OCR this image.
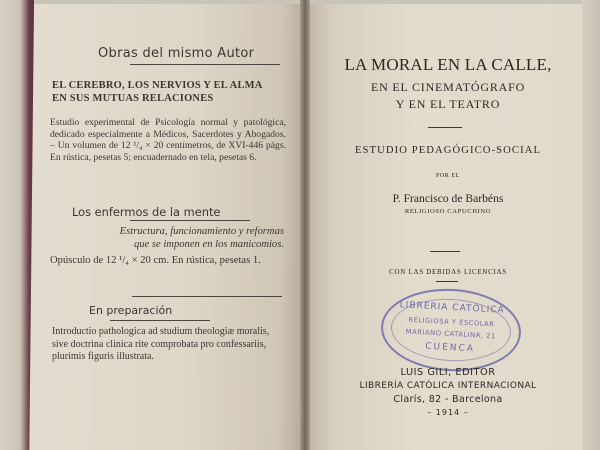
Obras del mismo Autor
EL CEREBRO, LOS NERVIOS Y EL ALMA
EN SUS MUTUAS RELACIONES
Estudio experimental de Psicología normal y patológica, dedicado especialmente a Médicos, Sacerdotes y Abogados. – Un volumen de 12 ¹/₄ × 20 centímetros, de XVI-446 págs. En rústica, pesetas 5; encuadernado en tela, pesetas 6.
Los enfermos de la mente
Estructura, funcionamiento y reformas
que se imponen en los manicomios.
Opúsculo de 12 ¹/₄ × 20 cm. En rústica, pesetas 1.
En preparación
Introductio pathologica ad studium theologiæ moralis, sive doctrina clinica rite comprobata pro confessariis, plurimis figuris illustrata.
LA MORAL EN LA CALLE,
EN EL CINEMATÓGRAFO
Y EN EL TEATRO
ESTUDIO PEDAGÓGICO-SOCIAL
POR EL
P. Francisco de Barbéns
RELIGIOSO CAPUCHINO
CON LAS DEBIDAS LICENCIAS
LIBRERIA CATÓLICA
RELIGIOSA Y ESCOLAR
MARIANO CATALINA, 21
CUENCA
LUIS GILI, EDITOR
LIBRERÍA CATÓLICA INTERNACIONAL
Clarís, 82 - Barcelona
– 1914 –
